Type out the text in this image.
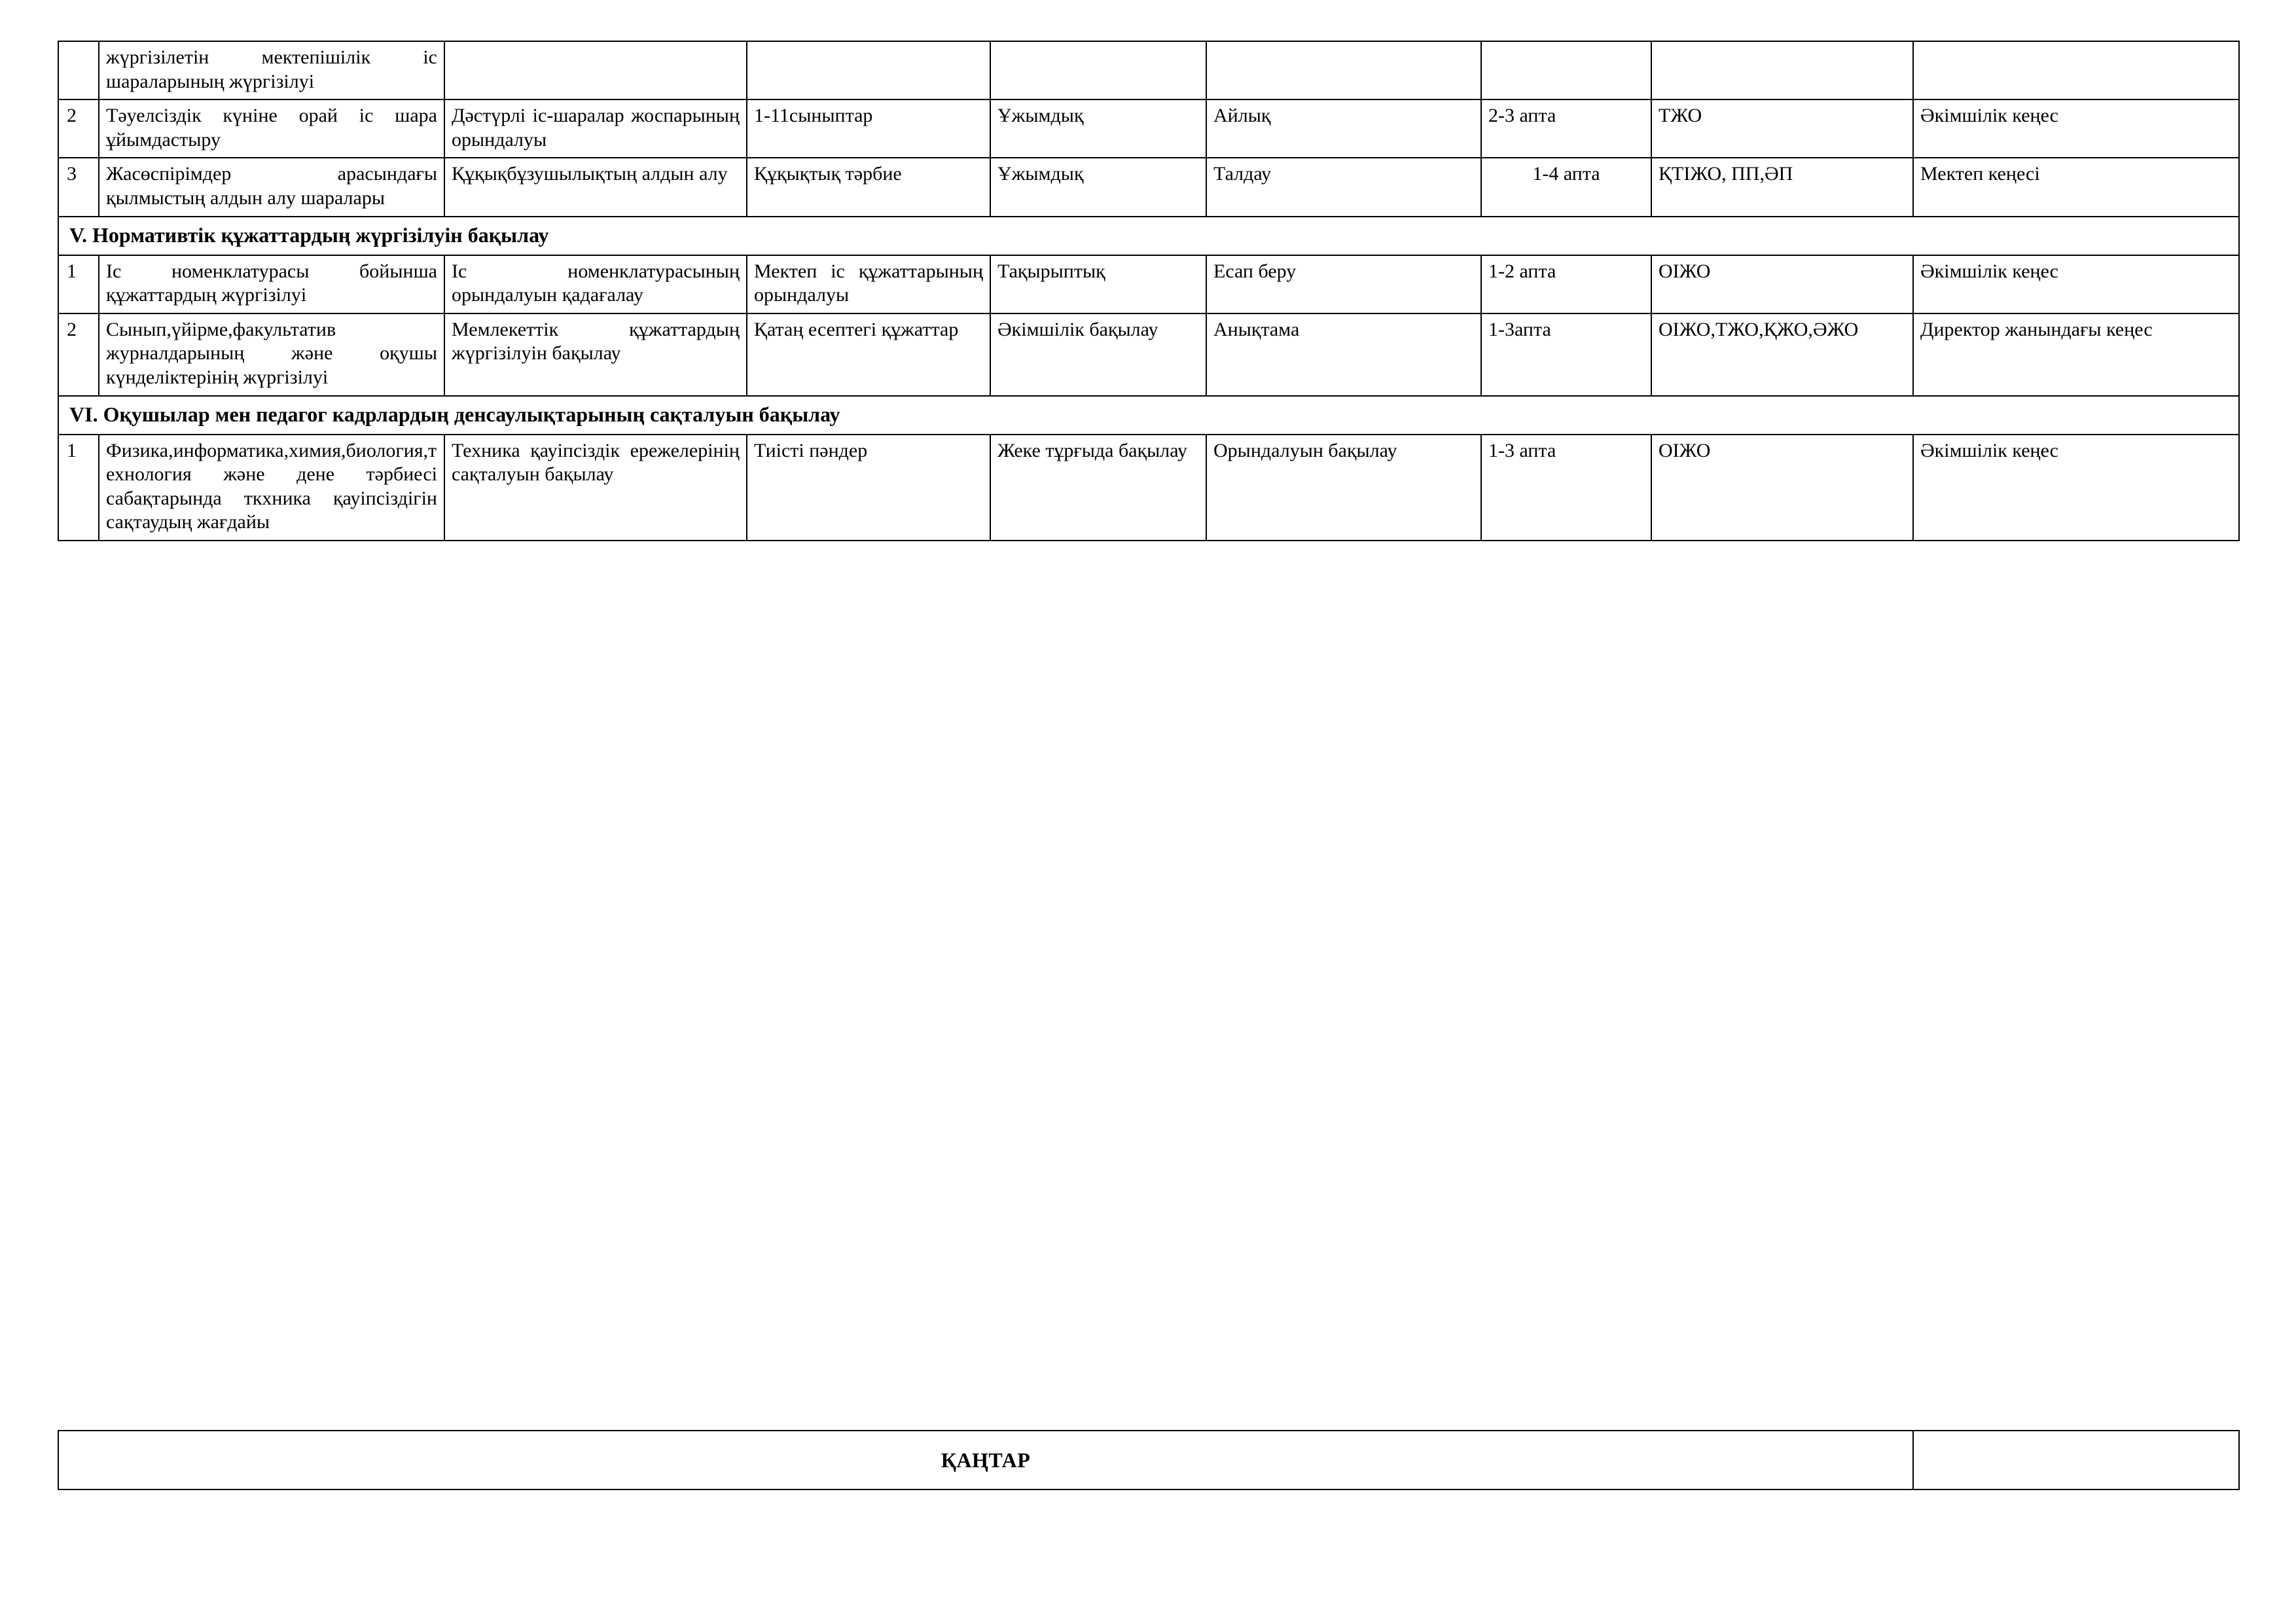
	жүргізілетін мектепішілік іс шараларының жүргізілуі							
2	Тәуелсіздік күніне орай іс шара ұйымдастыру	Дәстүрлі іс-шаралар жоспарының орындалуы	1-11сыныптар	Ұжымдық	Айлық	2-3 апта	ТЖО	Әкімшілік кеңес
3	Жасөспірімдер арасындағы қылмыстың алдын алу шаралары	Құқықбұзушылықтың алдын алу	Құқықтық тәрбие	Ұжымдық	Талдау	1-4 апта	ҚТІЖО, ПП,ӘП	Мектеп кеңесі
V. Нормативтік құжаттардың жүргізілуін бақылау								
1	Іс номенклатурасы бойынша құжаттардың жүргізілуі	Іс номенклатурасының орындалуын қадағалау	Мектеп іс құжаттарының орындалуы	Тақырыптық	Есап беру	1-2 апта	ОІЖО	Әкімшілік кеңес
2	Сынып,үйірме,факультатив журналдарының және оқушы күнделіктерінің жүргізілуі	Мемлекеттік құжаттардың жүргізілуін бақылау	Қатаң есептегі құжаттар	Әкімшілік бақылау	Анықтама	1-3апта	ОІЖО,ТЖО,ҚЖО,ӘЖО	Директор жанындағы кеңес
VI. Оқушылар мен педагог кадрлардың денсаулықтарының сақталуын бақылау								
1	Физика,информатика,химия,биология,технология және дене тәрбиесі сабақтарында ткхника қауіпсіздігін сақтаудың жағдайы	Техника қауіпсіздік ережелерінің сақталуын бақылау	Тиісті пәндер	Жеке тұрғыда бақылау	Орындалуын бақылау	1-3 апта	ОІЖО	Әкімшілік кеңес
ҚАҢТАР	
